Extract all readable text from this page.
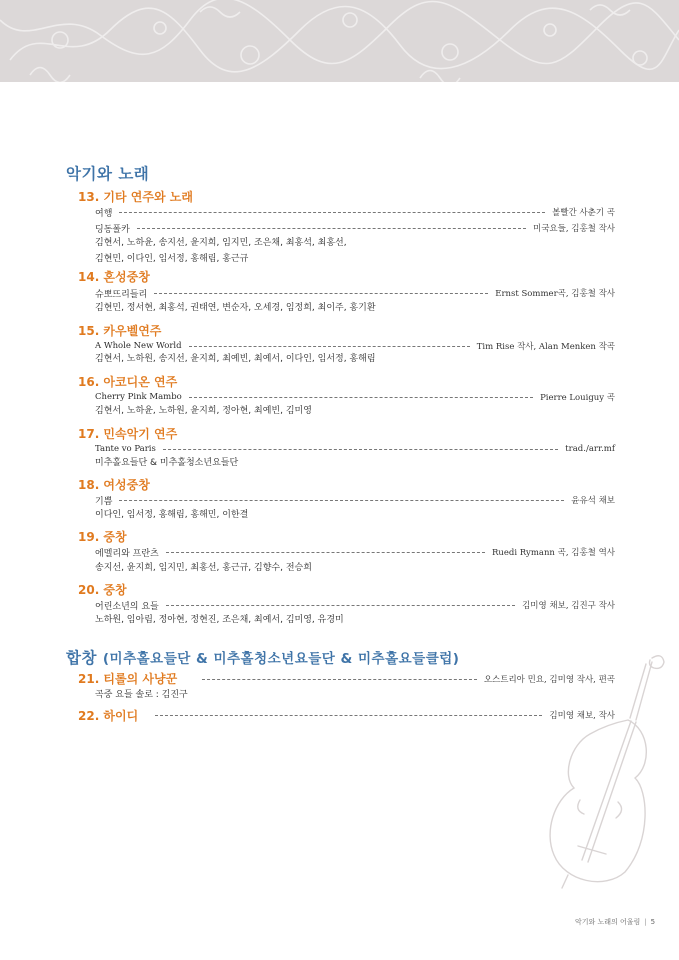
악기와 노래
13. 기타 연주와 노래
여행	볼빨간 사춘기 곡
딩동폴카	미국요들, 김홍철 작사
김현서, 노하윤, 송지선, 윤지희, 임지민, 조은채, 최홍석, 최홍선,
김현민, 이다인, 임서정, 홍해림, 홍근규
14. 혼성중창
슈뽀뜨리들리	Ernst Sommer곡, 김홍철 작사
김현민, 정서현, 최홍석, 권태연, 변순자, 오세경, 임정희, 최이주, 홍기환
15. 카우벨연주
A Whole New World	Tim Rise 작사, Alan Menken 작곡
김현서, 노하원, 송지선, 윤지희, 최예빈, 최예서, 이다인, 임서정, 홍해림
16. 아코디온 연주
Cherry Pink Mambo	Pierre Louiguy 곡
김현서, 노하윤, 노하원, 윤지희, 정아현, 최예빈, 김미영
17. 민속악기 연주
Tante vo Paris	trad./arr.mf
미추홀요들단 & 미추홀청소년요들단
18. 여성중창
기쁨	윤유석 채보
이다인, 임서정, 홍해림, 홍해민, 이한결
19. 중창
에멜리와 프란츠	Ruedi Rymann 곡, 김홍철 역사
송지선, 윤지희, 임지민, 최홍선, 홍근규, 김향수, 전승희
20. 중창
어린소년의 요들	김미영 채보, 김진구 작사
노하원, 임아림, 정아현, 정현진, 조은채, 최예서, 김미영, 유경미
합창 (미추홀요들단 & 미추홀청소년요들단 & 미추홀요들클럽)
21. 티롤의 사냥꾼	오스트리아 민요, 김미영 작사, 편곡
곡중 요들 솔로 : 김진구
22. 하이디	김미영 채보, 작사
악기와 노래의 어울림 | 5
